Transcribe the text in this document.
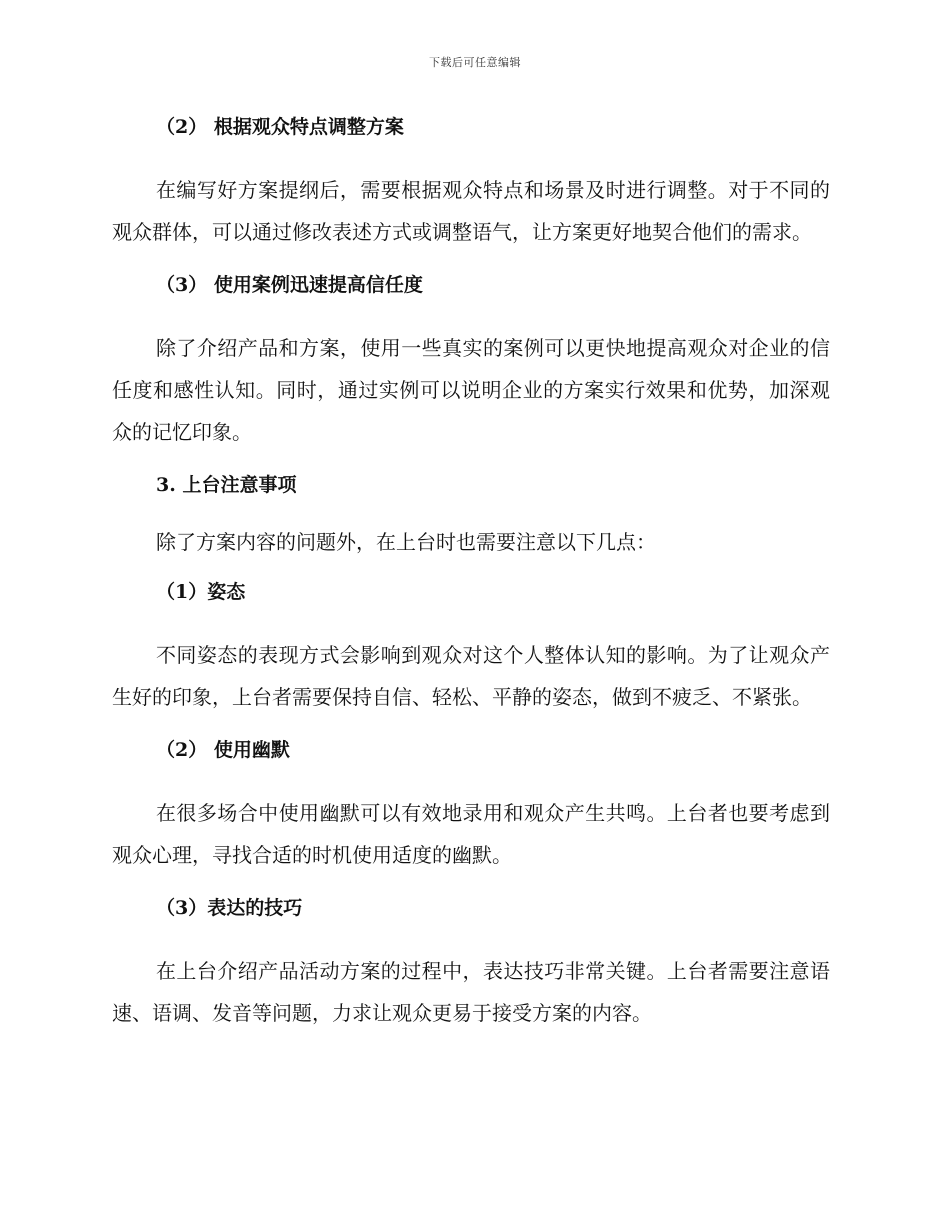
下载后可任意编辑
（2） 根据观众特点调整方案

在编写好方案提纲后，需要根据观众特点和场景及时进行调整。对于不同的观众群体，可以通过修改表述方式或调整语气，让方案更好地契合他们的需求。

（3） 使用案例迅速提高信任度

除了介绍产品和方案，使用一些真实的案例可以更快地提高观众对企业的信任度和感性认知。同时，通过实例可以说明企业的方案实行效果和优势，加深观众的记忆印象。

3. 上台注意事项

除了方案内容的问题外，在上台时也需要注意以下几点：

（1）姿态

不同姿态的表现方式会影响到观众对这个人整体认知的影响。为了让观众产生好的印象，上台者需要保持自信、轻松、平静的姿态，做到不疲乏、不紧张。

（2） 使用幽默

在很多场合中使用幽默可以有效地录用和观众产生共鸣。上台者也要考虑到观众心理，寻找合适的时机使用适度的幽默。

（3）表达的技巧

在上台介绍产品活动方案的过程中，表达技巧非常关键。上台者需要注意语速、语调、发音等问题，力求让观众更易于接受方案的内容。
